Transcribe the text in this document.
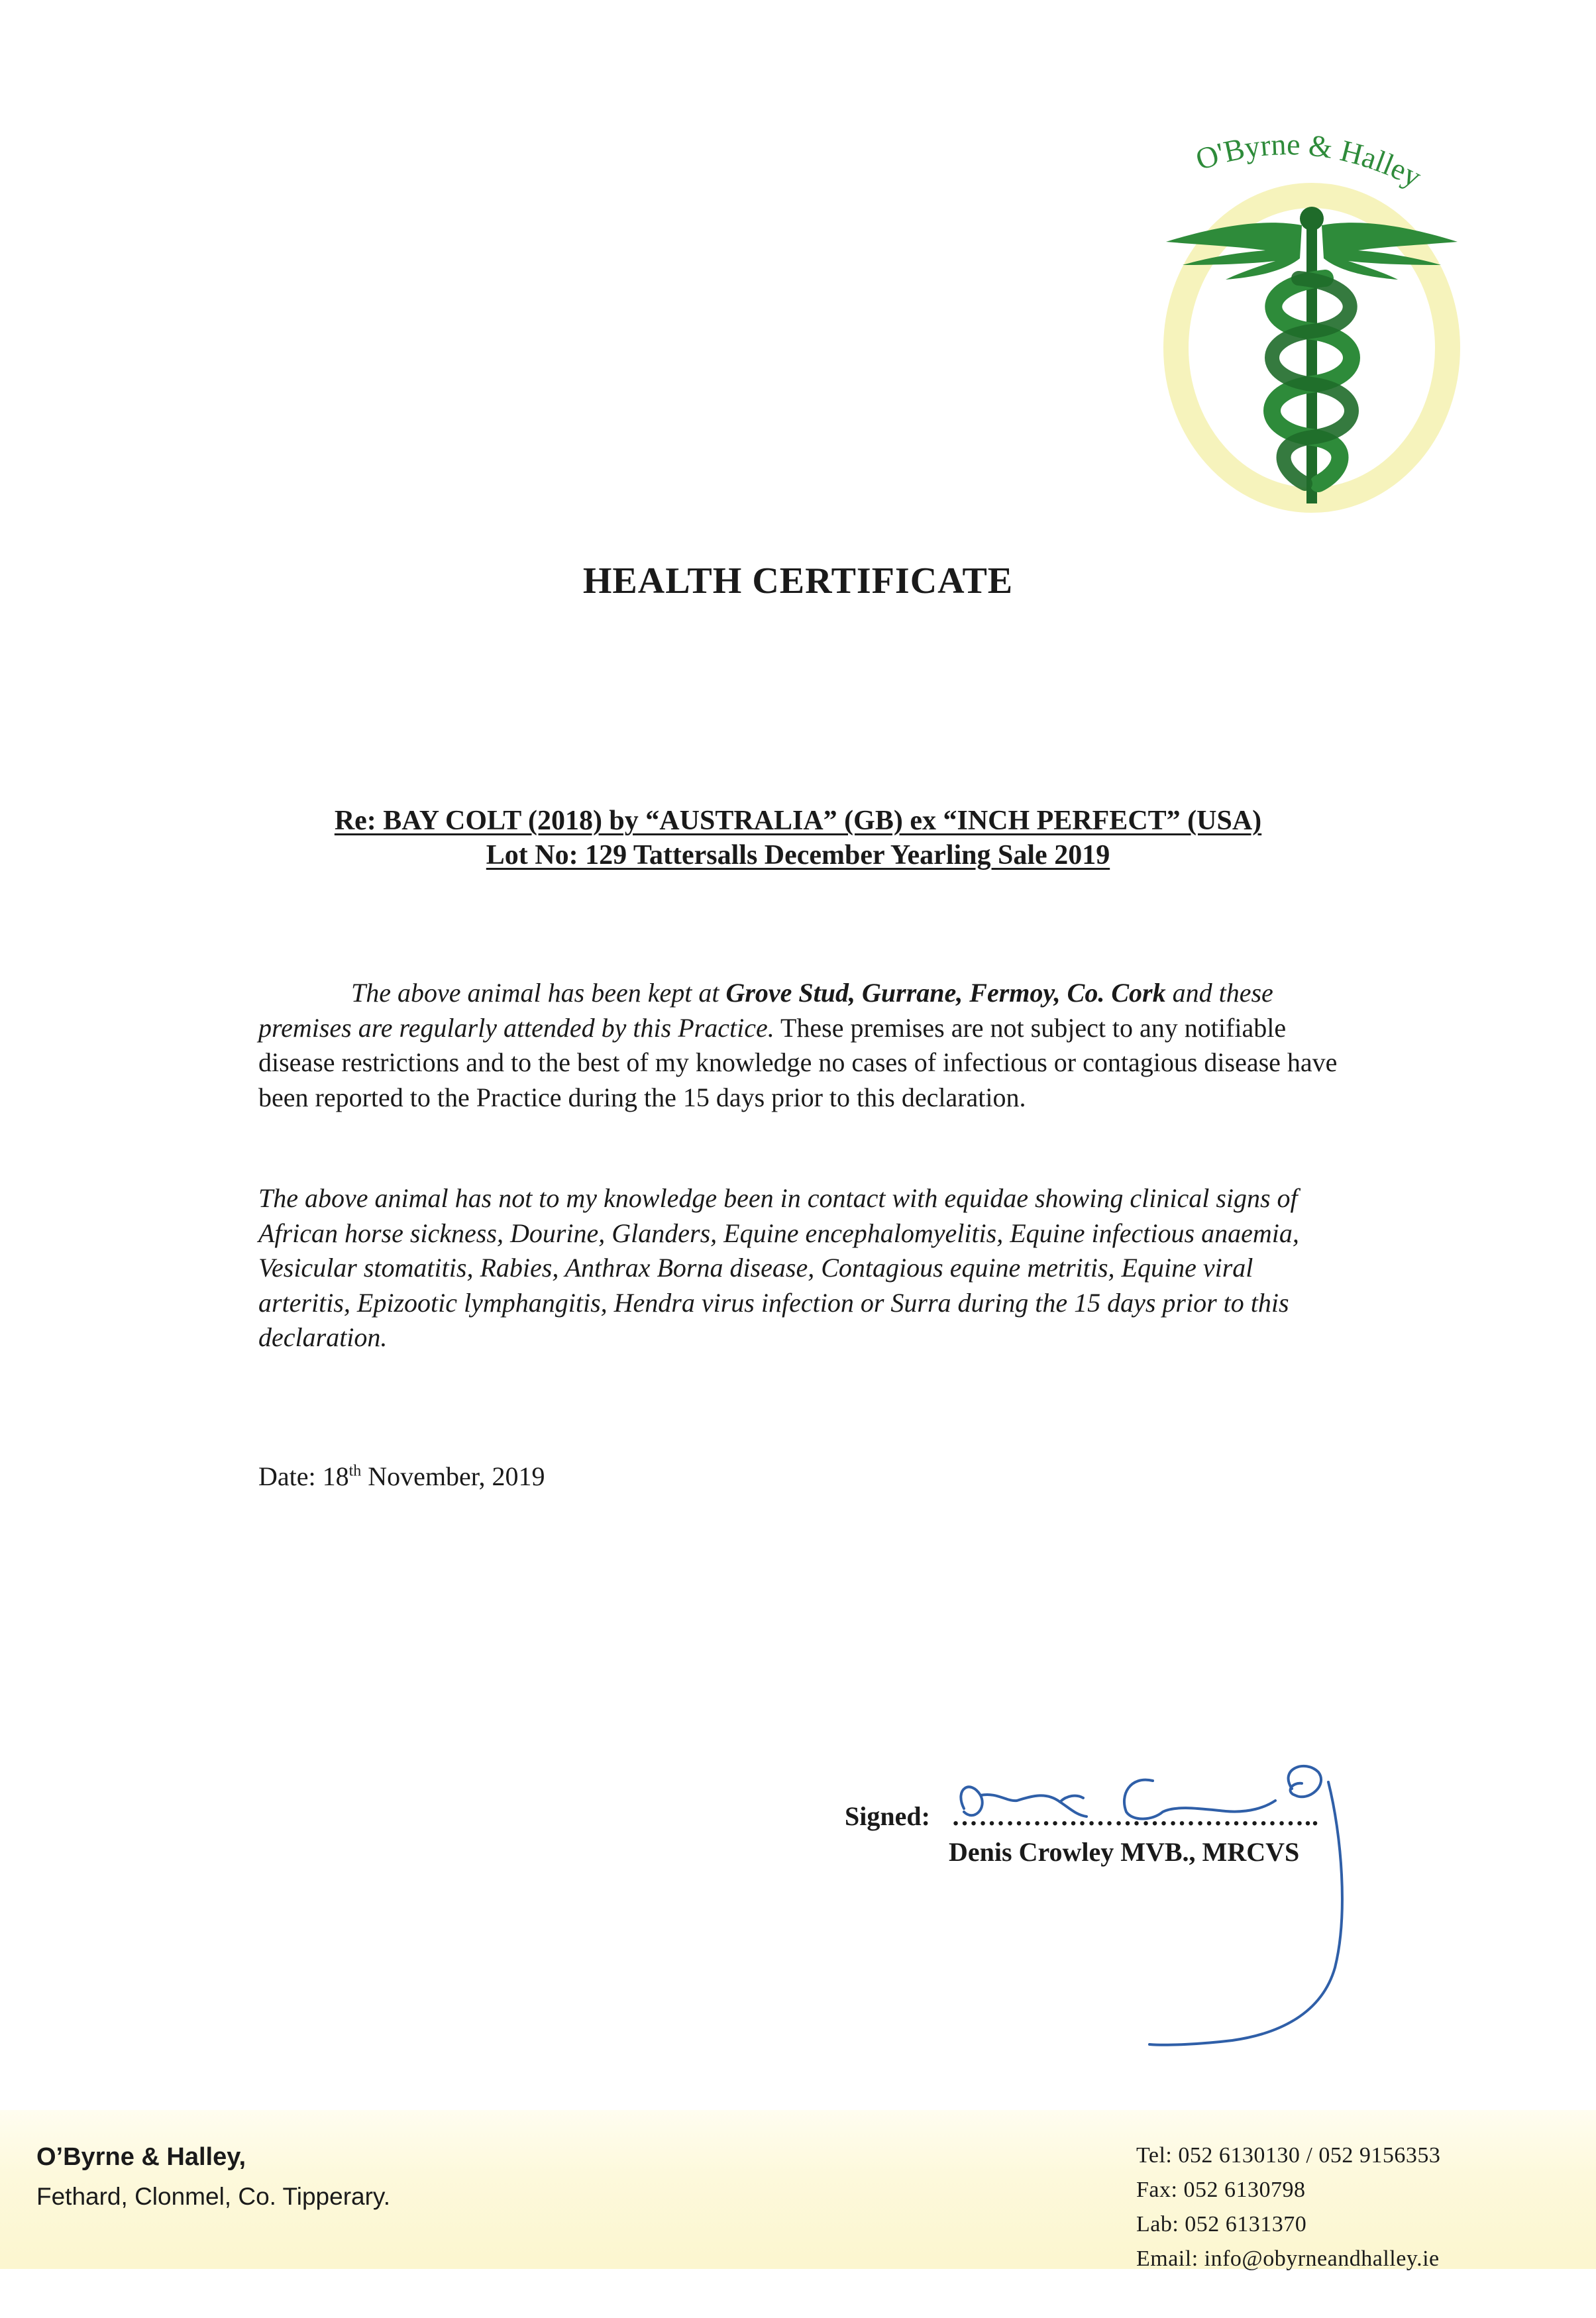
O'Byrne & Halley
HEALTH CERTIFICATE
Re: BAY COLT (2018) by “AUSTRALIA” (GB) ex “INCH PERFECT” (USA)
Lot No: 129 Tattersalls December Yearling Sale 2019
The above animal has been kept at Grove Stud, Gurrane, Fermoy, Co. Cork and these premises are regularly attended by this Practice. These premises are not subject to any notifiable disease restrictions and to the best of my knowledge no cases of infectious or contagious disease have been reported to the Practice during the 15 days prior to this declaration.
The above animal has not to my knowledge been in contact with equidae showing clinical signs of African horse sickness, Dourine, Glanders, Equine encephalomyelitis, Equine infectious anaemia, Vesicular stomatitis, Rabies, Anthrax Borna disease, Contagious equine metritis, Equine viral arteritis, Epizootic lymphangitis, Hendra virus infection or Surra during the 15 days prior to this declaration.
Date: 18th November, 2019
Signed: …………………………………..
Denis Crowley MVB., MRCVS
O’Byrne & Halley,
Fethard, Clonmel, Co. Tipperary.
Tel: 052 6130130 / 052 9156353
Fax: 052 6130798
Lab: 052 6131370
Email: info@obyrneandhalley.ie
